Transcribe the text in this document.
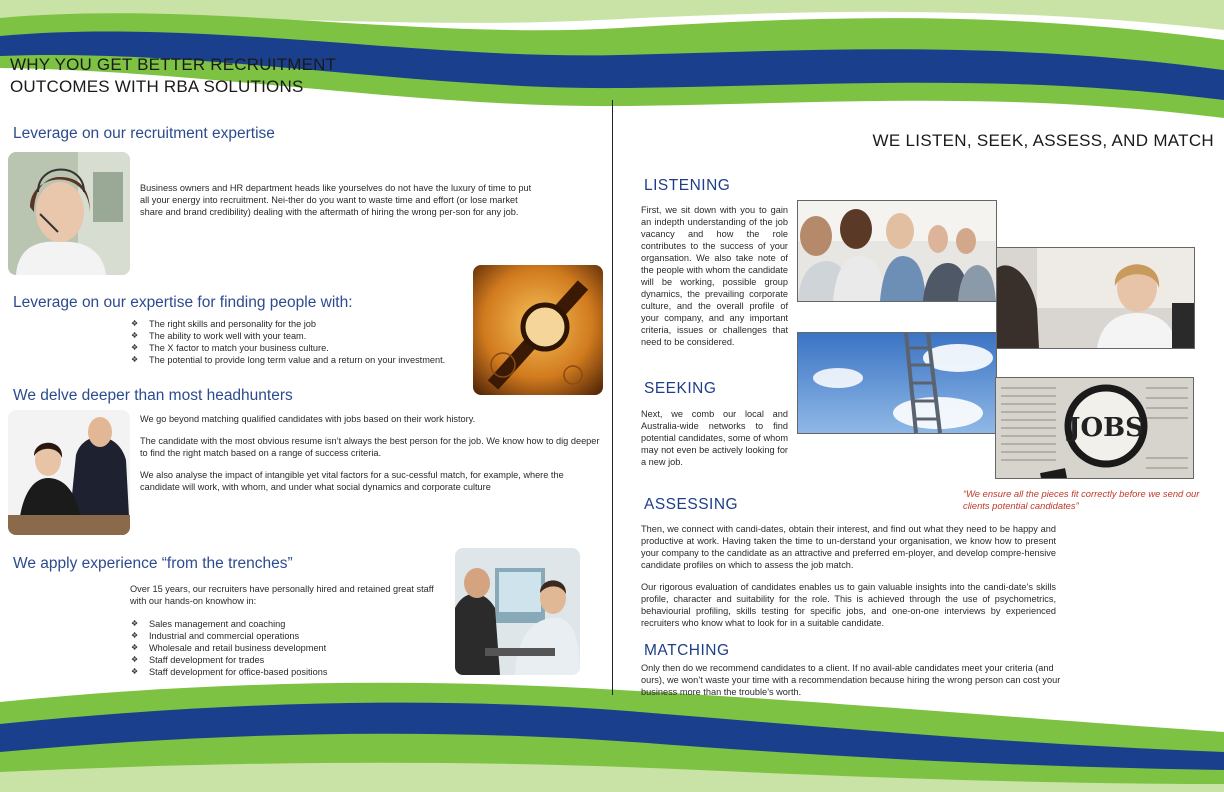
WHY YOU GET BETTER RECRUITMENT
OUTCOMES WITH RBA SOLUTIONS
Leverage on our recruitment expertise
Business owners and HR department heads like yourselves do not have the luxury of time to put all your energy into recruitment. Nei-ther do you want to waste time and effort (or lose market share and brand credibility) dealing with the aftermath of hiring the wrong per-son for any job.
Leverage on our expertise for finding people with:
❖ The right skills and personality for the job
❖ The ability to work well with your team.
❖ The X factor to match your business culture.
❖ The potential to provide long term value and a return on your investment.
We delve deeper than most headhunters

We go beyond matching qualified candidates with jobs based on their work history.

The candidate with the most obvious resume isn’t always the best person for the job. We know how to dig deeper to find the right match based on a range of success criteria.

We also analyse the impact of intangible yet vital factors for a suc-cessful match, for example, where the candidate will work, with whom, and under what social dynamics and corporate culture

We apply experience “from the trenches”
Over 15 years, our recruiters have personally hired and retained great staff with our hands-on knowhow in:
❖ Sales management and coaching
❖ Industrial and commercial operations
❖ Wholesale and retail business development
❖ Staff development for trades
❖ Staff development for office-based positions
WE LISTEN, SEEK, ASSESS, AND MATCH
LISTENING
First, we sit down with you to gain an indepth understanding of the job vacancy and how the role contributes to the success of your organsation. We also take note of the people with whom the candidate will be working, possible group dynamics, the prevailing corporate culture, and the overall profile of your company, and any important criteria, issues or challenges that need to be considered.
JOBS
“We ensure all the pieces fit correctly before we send our clients potential candidates”
SEEKING
Next, we comb our local and Australia-wide networks to find potential candidates, some of whom may not even be actively looking for a new job.
ASSESSING

Then, we connect with candi-dates, obtain their interest, and find out what they need to be happy and productive at work. Having taken the time to un-derstand your organisation, we know how to present your company to the candidate as an attractive and preferred em-ployer, and develop compre-hensive candidate profiles on which to assess the job match.

Our rigorous evaluation of candidates enables us to gain valuable insights into the candi-date’s skills profile, character and suitability for the role. This is achieved through the use of psychometrics, behaviourial profiling, skills testing for specific jobs, and one-on-one interviews by experienced recruiters who know what to look for in a suitable candidate.

MATCHING
Only then do we recommend candidates to a client. If no avail-able candidates meet your criteria (and ours), we won’t waste your time with a recommendation because hiring the wrong person can cost your business more than the trouble’s worth.
